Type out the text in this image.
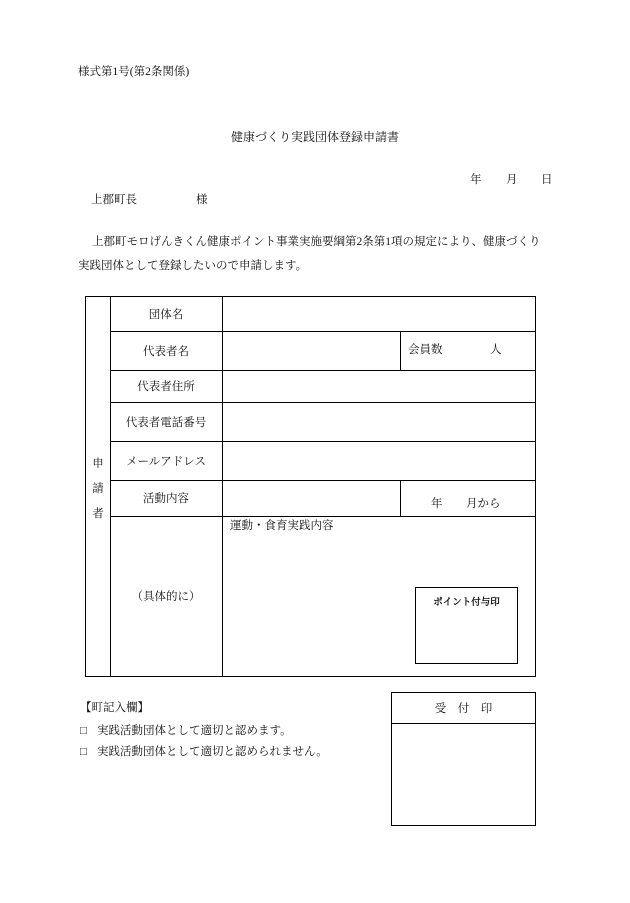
様式第1号(第2条関係)
健康づくり実践団体登録申請書
年 月 日
上郡町長	様
上郡町モロげんきくん健康ポイント事業実施要綱第2条第1項の規定により、健康づくり
実践団体として登録したいので申請します。
申
請
者
団体名
代表者名
代表者住所
代表者電話番号
メールアドレス
活動内容
（具体的に）
会員数	人
年 月から
運動・食育実践内容
ポイント付与印
【町記入欄】
□ 実践活動団体として適切と認めます。
□ 実践活動団体として適切と認められません。
受　付　印
